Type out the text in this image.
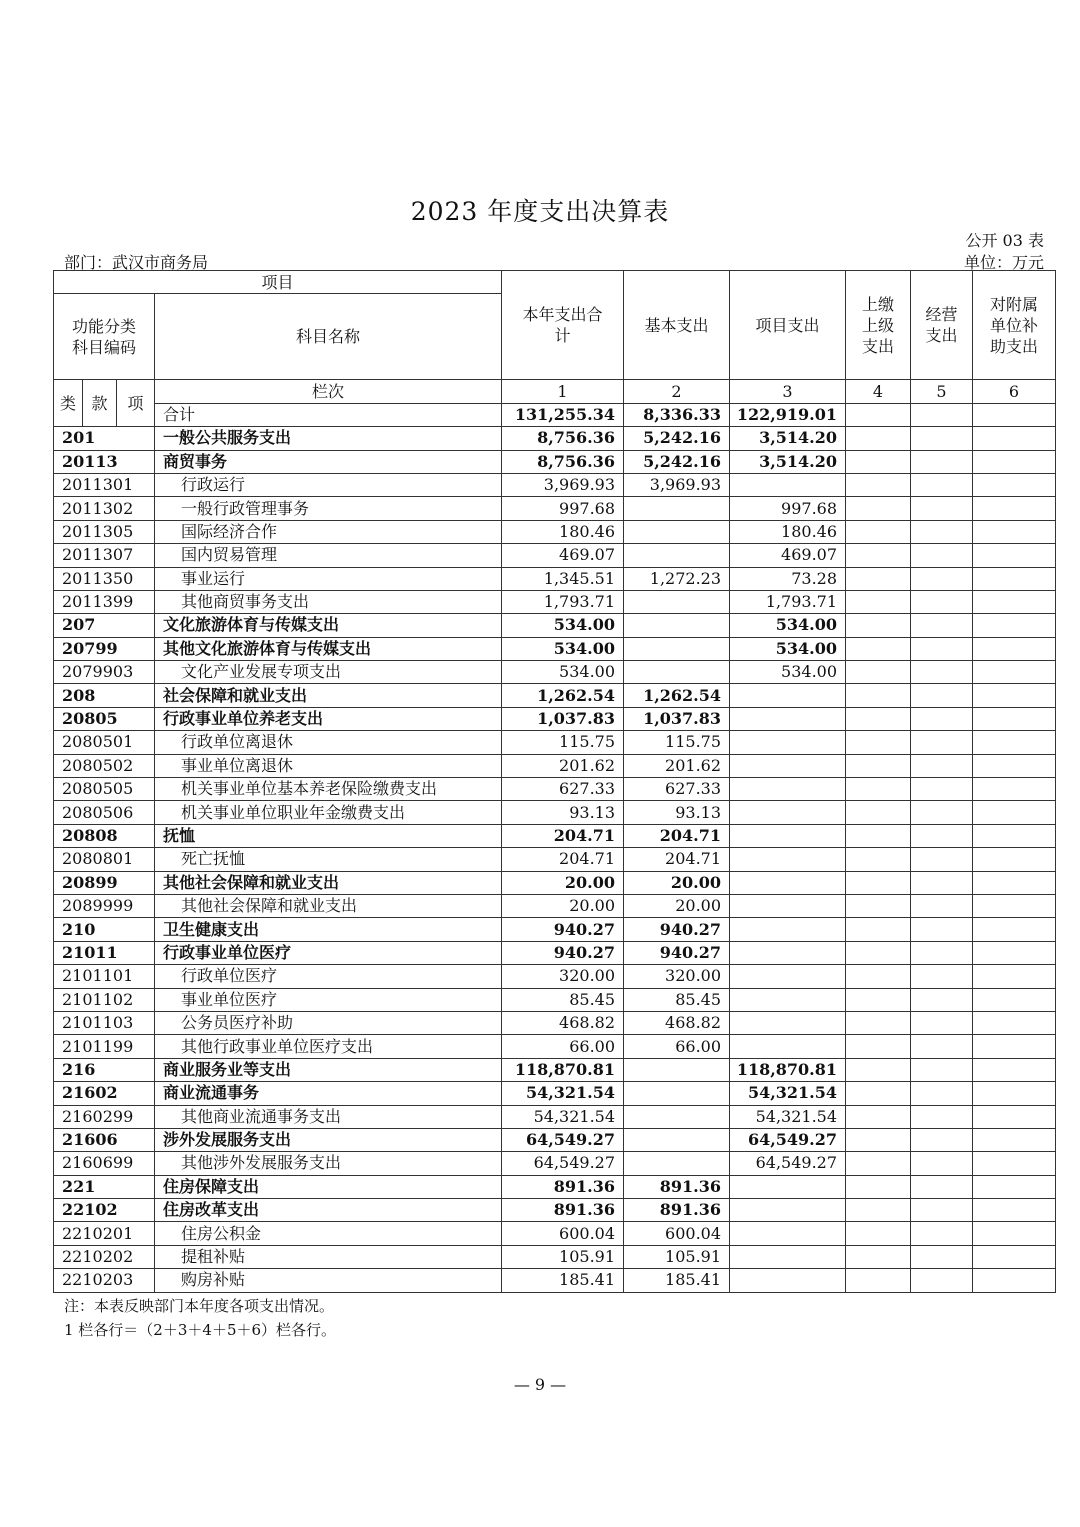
2023 年度支出决算表
公开 03 表
部门：武汉市商务局	单位：万元
项目				本年支出合计	基本支出	项目支出	上缴上级支出	经营支出	对附属单位补助支出
功能分类科目编码			科目名称						
类	款	项	栏次	1	2	3	4	5	6
			合计	131,255.34	8,336.33	122,919.01			
201			一般公共服务支出	8,756.36	5,242.16	3,514.20			
20113			商贸事务	8,756.36	5,242.16	3,514.20			
2011301			行政运行	3,969.93	3,969.93				
2011302			一般行政管理事务	997.68		997.68			
2011305			国际经济合作	180.46		180.46			
2011307			国内贸易管理	469.07		469.07			
2011350			事业运行	1,345.51	1,272.23	73.28			
2011399			其他商贸事务支出	1,793.71		1,793.71			
207			文化旅游体育与传媒支出	534.00		534.00			
20799			其他文化旅游体育与传媒支出	534.00		534.00			
2079903			文化产业发展专项支出	534.00		534.00			
208			社会保障和就业支出	1,262.54	1,262.54				
20805			行政事业单位养老支出	1,037.83	1,037.83				
2080501			行政单位离退休	115.75	115.75				
2080502			事业单位离退休	201.62	201.62				
2080505			机关事业单位基本养老保险缴费支出	627.33	627.33				
2080506			机关事业单位职业年金缴费支出	93.13	93.13				
20808			抚恤	204.71	204.71				
2080801			死亡抚恤	204.71	204.71				
20899			其他社会保障和就业支出	20.00	20.00				
2089999			其他社会保障和就业支出	20.00	20.00				
210			卫生健康支出	940.27	940.27				
21011			行政事业单位医疗	940.27	940.27				
2101101			行政单位医疗	320.00	320.00				
2101102			事业单位医疗	85.45	85.45				
2101103			公务员医疗补助	468.82	468.82				
2101199			其他行政事业单位医疗支出	66.00	66.00				
216			商业服务业等支出	118,870.81		118,870.81			
21602			商业流通事务	54,321.54		54,321.54			
2160299			其他商业流通事务支出	54,321.54		54,321.54			
21606			涉外发展服务支出	64,549.27		64,549.27			
2160699			其他涉外发展服务支出	64,549.27		64,549.27			
221			住房保障支出	891.36	891.36				
22102			住房改革支出	891.36	891.36				
2210201			住房公积金	600.04	600.04				
2210202			提租补贴	105.91	105.91				
2210203			购房补贴	185.41	185.41				
注：本表反映部门本年度各项支出情况。
1 栏各行＝（2＋3＋4＋5＋6）栏各行。
— 9 —
